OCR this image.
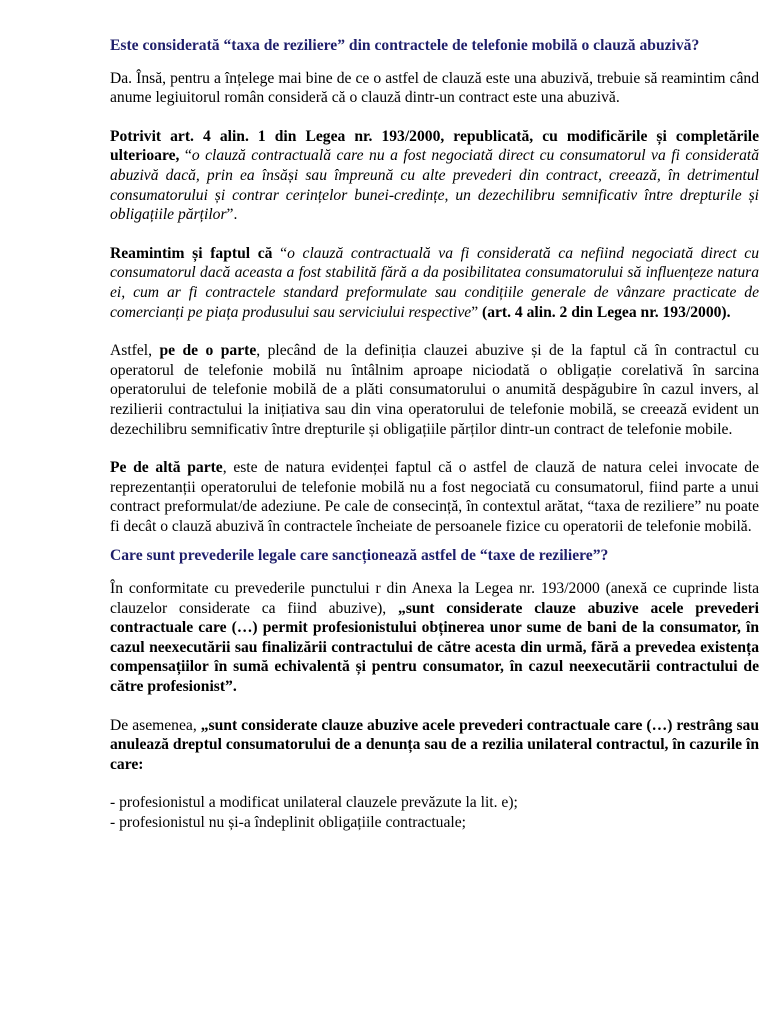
Este considerată “taxa de reziliere” din contractele de telefonie mobilă o clauză abuzivă?

Da. Însă, pentru a înțelege mai bine de ce o astfel de clauză este una abuzivă, trebuie să reamintim când anume legiuitorul român consideră că o clauză dintr-un contract este una abuzivă.

Potrivit art. 4 alin. 1 din Legea nr. 193/2000, republicată, cu modificările și completările ulterioare, “o clauză contractuală care nu a fost negociată direct cu consumatorul va fi considerată abuzivă dacă, prin ea însăși sau împreună cu alte prevederi din contract, creează, în detrimentul consumatorului și contrar cerințelor bunei-credințe, un dezechilibru semnificativ între drepturile și obligațiile părților”.

Reamintim și faptul că “o clauză contractuală va fi considerată ca nefiind negociată direct cu consumatorul dacă aceasta a fost stabilită fără a da posibilitatea consumatorului să influențeze natura ei, cum ar fi contractele standard preformulate sau condițiile generale de vânzare practicate de comercianți pe piața produsului sau serviciului respective” (art. 4 alin. 2 din Legea nr. 193/2000).

Astfel, pe de o parte, plecând de la definiția clauzei abuzive și de la faptul că în contractul cu operatorul de telefonie mobilă nu întâlnim aproape niciodată o obligație corelativă în sarcina operatorului de telefonie mobilă de a plăti consumatorului o anumită despăgubire în cazul invers, al rezilierii contractului la inițiativa sau din vina operatorului de telefonie mobilă, se creează evident un dezechilibru semnificativ între drepturile și obligațiile părților dintr-un contract de telefonie mobile.

Pe de altă parte, este de natura evidenței faptul că o astfel de clauză de natura celei invocate de reprezentanții operatorului de telefonie mobilă nu a fost negociată cu consumatorul, fiind parte a unui contract preformulat/de adeziune. Pe cale de consecință, în contextul arătat, “taxa de reziliere” nu poate fi decât o clauză abuzivă în contractele încheiate de persoanele fizice cu operatorii de telefonie mobilă.

Care sunt prevederile legale care sancționează astfel de “taxe de reziliere”?

În conformitate cu prevederile punctului r din Anexa la Legea nr. 193/2000 (anexă ce cuprinde lista clauzelor considerate ca fiind abuzive), „sunt considerate clauze abuzive acele prevederi contractuale care (…) permit profesionistului obținerea unor sume de bani de la consumator, în cazul neexecutării sau finalizării contractului de către acesta din urmă, fără a prevedea existența compensațiilor în sumă echivalentă și pentru consumator, în cazul neexecutării contractului de către profesionist”.

De asemenea, „sunt considerate clauze abuzive acele prevederi contractuale care (…) restrâng sau anulează dreptul consumatorului de a denunța sau de a rezilia unilateral contractul, în cazurile în care:

- profesionistul a modificat unilateral clauzele prevăzute la lit. e);

- profesionistul nu și-a îndeplinit obligațiile contractuale;
